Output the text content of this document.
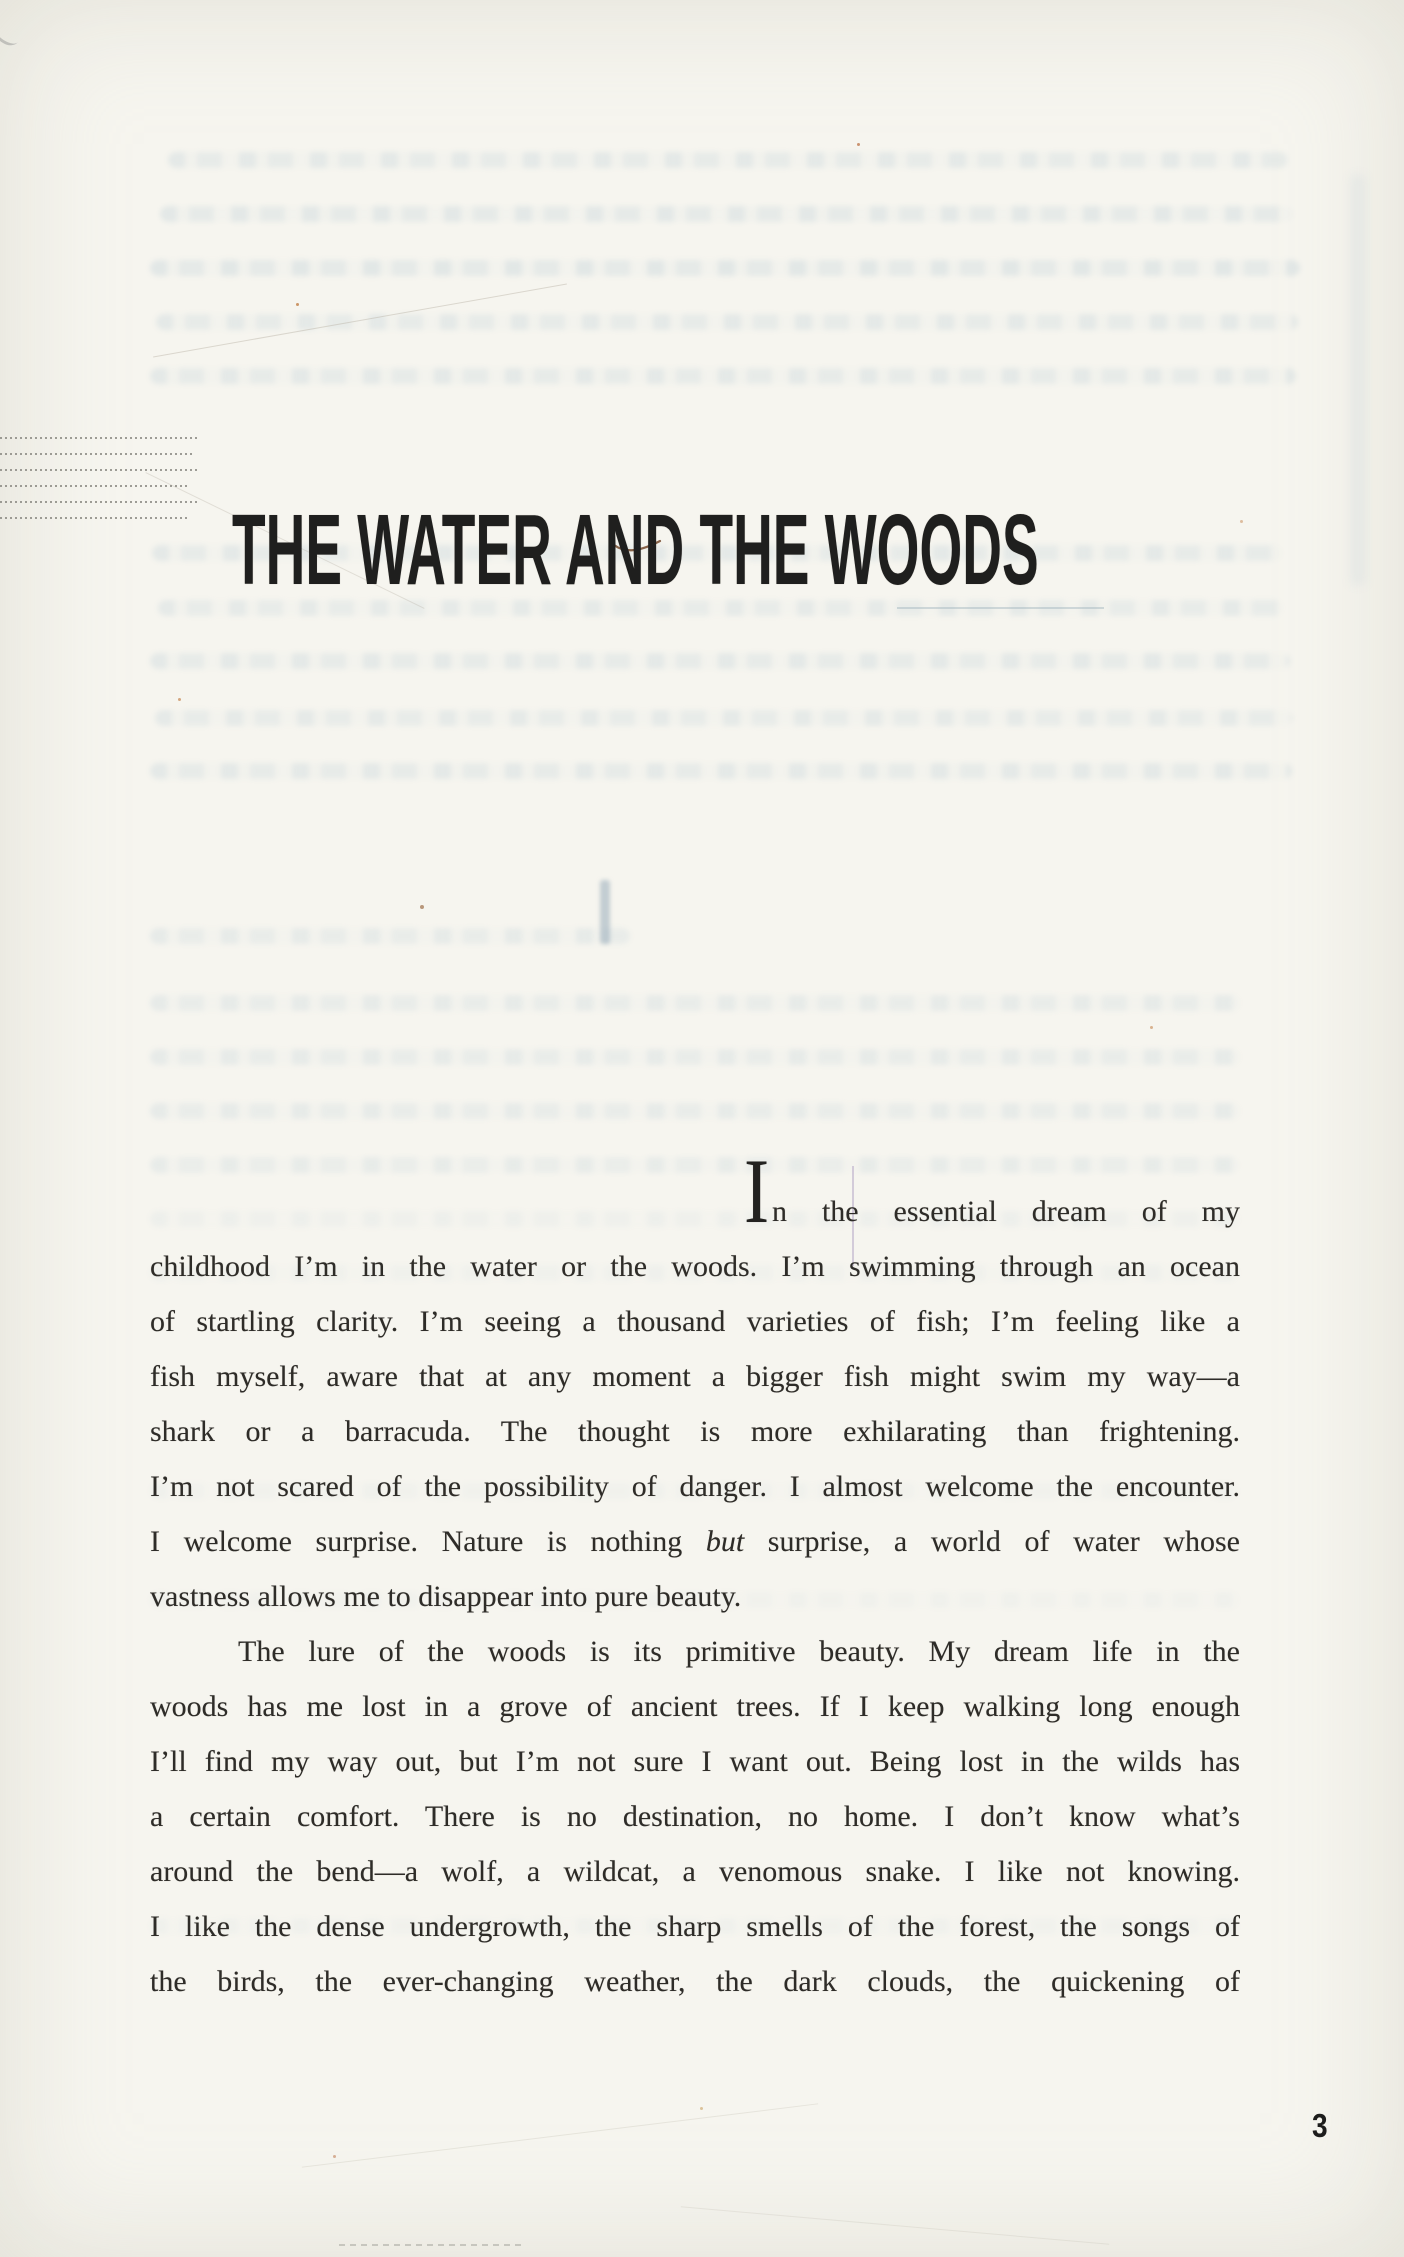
THE WATER AND THE WOODS
I n the essential dream of my
childhood I’m in the water or the woods. I’m swimming through an ocean
of startling clarity. I’m seeing a thousand varieties of fish; I’m feeling like a
fish myself, aware that at any moment a bigger fish might swim my way—a
shark or a barracuda. The thought is more exhilarating than frightening.
I’m not scared of the possibility of danger. I almost welcome the encounter.
I welcome surprise. Nature is nothing but surprise, a world of water whose
vastness allows me to disappear into pure beauty.
The lure of the woods is its primitive beauty. My dream life in the
woods has me lost in a grove of ancient trees. If I keep walking long enough
I’ll find my way out, but I’m not sure I want out. Being lost in the wilds has
a certain comfort. There is no destination, no home. I don’t know what’s
around the bend—a wolf, a wildcat, a venomous snake. I like not knowing.
I like the dense undergrowth, the sharp smells of the forest, the songs of
the birds, the ever-changing weather, the dark clouds, the quickening of
3
